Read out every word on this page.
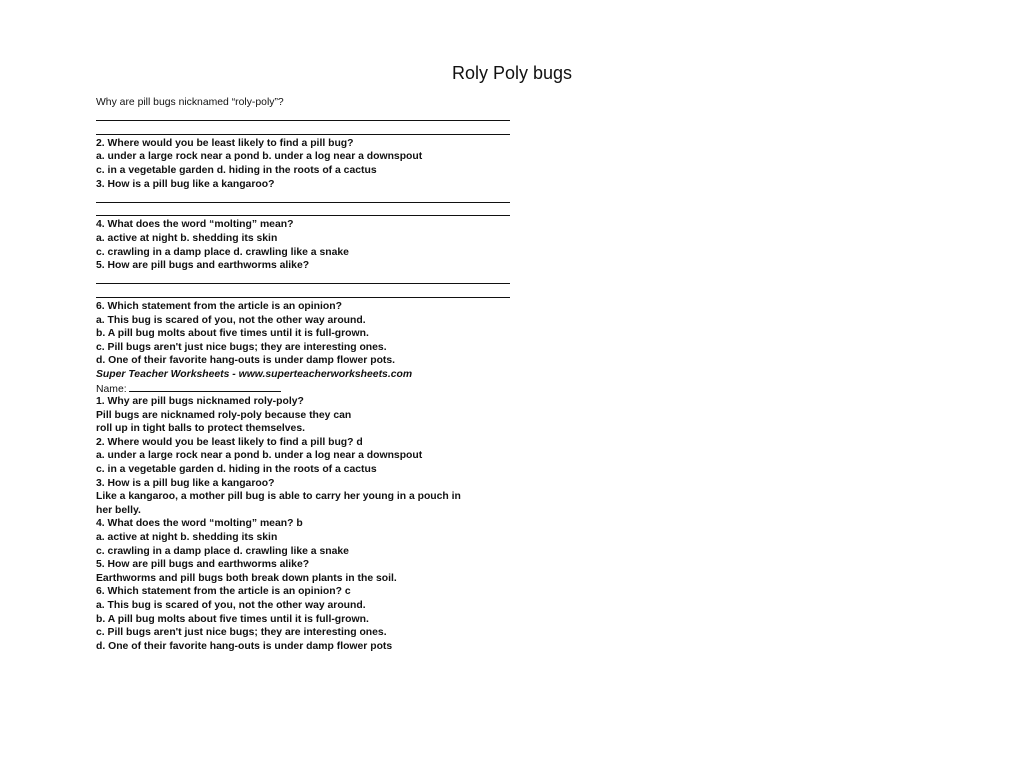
Roly Poly bugs
Why are pill bugs nicknamed “roly-poly”?
2. Where would you be least likely to find a pill bug?
a. under a large rock near a pond b. under a log near a downspout
c. in a vegetable garden d. hiding in the roots of a cactus
3. How is a pill bug like a kangaroo?
4. What does the word “molting” mean?
a. active at night b. shedding its skin
c. crawling in a damp place d. crawling like a snake
5. How are pill bugs and earthworms alike?
6. Which statement from the article is an opinion?
a. This bug is scared of you, not the other way around.
b. A pill bug molts about five times until it is full-grown.
c. Pill bugs aren't just nice bugs; they are interesting ones.
d. One of their favorite hang-outs is under damp flower pots.
Super Teacher Worksheets - www.superteacherworksheets.com
Name:
1. Why are pill bugs nicknamed roly-poly?
Pill bugs are nicknamed roly-poly because they can
roll up in tight balls to protect themselves.
2. Where would you be least likely to find a pill bug? d
a. under a large rock near a pond b. under a log near a downspout
c. in a vegetable garden d. hiding in the roots of a cactus
3. How is a pill bug like a kangaroo?
Like a kangaroo, a mother pill bug is able to carry her young in a pouch in
her belly.
4. What does the word “molting” mean? b
a. active at night b. shedding its skin
c. crawling in a damp place d. crawling like a snake
5. How are pill bugs and earthworms alike?
Earthworms and pill bugs both break down plants in the soil.
6. Which statement from the article is an opinion? c
a. This bug is scared of you, not the other way around.
b. A pill bug molts about five times until it is full-grown.
c. Pill bugs aren't just nice bugs; they are interesting ones.
d. One of their favorite hang-outs is under damp flower pots
